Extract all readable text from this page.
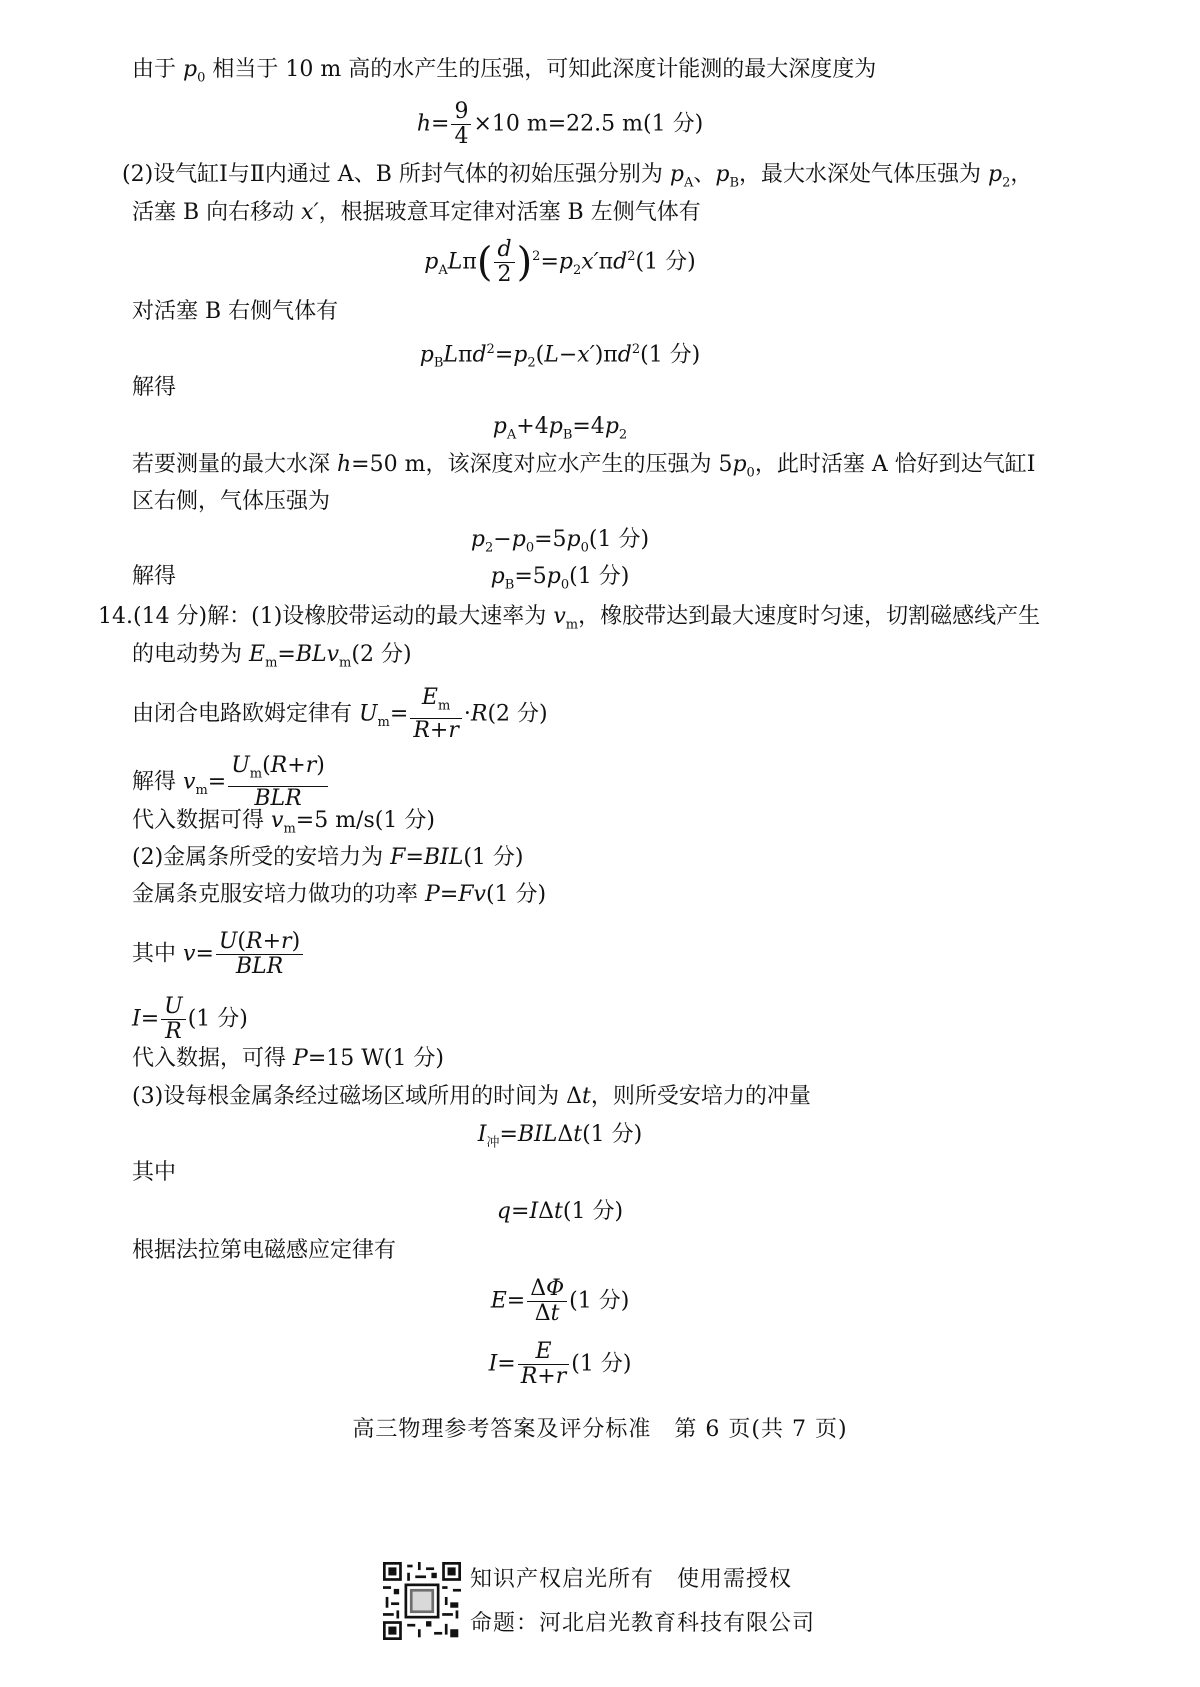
由于 $p_0$ 相当于 10 m 高的水产生的压强，可知此深度计能测的最大深度度为
$h= \frac{9}{4} \times 10$ m=22.5 m(1 分)
(2)设气缸Ⅰ与Ⅱ内通过 A、B 所封气体的初始压强分别为 $p_A$、$p_B$，最大水深处气体压强为 $p_2$，
活塞 B 向右移动 x′，根据玻意耳定律对活塞 B 左侧气体有
$p_AL\pi( \frac{d}{2} )^2=p_2x'\pi d^2(1$ 分)
对活塞 B 右侧气体有
$p_BL\pi d^2=p_2(L-x')\pi d^2(1$ 分)
解得
$p_A+4p_B=4p_2$
若要测量的最大水深 h=50 m，该深度对应水产生的压强为 $5p_0$，此时活塞 A 恰好到达气缸Ⅰ
区右侧，气体压强为
$p_2-p_0=5p_0(1$ 分)
解得	$p_B=5p_0(1$ 分)
14.(14 分)解：(1)设橡胶带运动的最大速率为 $v_m$，橡胶带达到最大速度时匀速，切割磁感线产生
的电动势为 $E_m=BLv_m(2$ 分)
由闭合电路欧姆定律有 $U_m= \frac{E_m}{R+r} \cdot R(2$ 分)
解得 $v_m= \frac{U_m(R+r)}{\text{BLR}}$
代入数据可得 $v_m=5$ m/s(1 分)
(2)金属条所受的安培力为 F=BIL(1 分)
金属条克服安培力做功的功率 P=Fv(1 分)
其中 $v= \frac{U(R+r)}{\text{BLR}}$
$I= \frac{U}{R} (1$ 分)
代入数据，可得 P=15 W(1 分)
(3)设每根金属条经过磁场区域所用的时间为 Δt，则所受安培力的冲量
$I_冲=BIL\Delta t(1$ 分)
其中
q=IΔt(1 分)
根据法拉第电磁感应定律有
$E= \frac{\Delta\Phi}{\Delta t} (1$ 分)
$I= \frac{E}{R+r} (1$ 分)
高三物理参考答案及评分标准　第 6 页(共 7 页)
知识产权启光所有　使用需授权
命题：河北启光教育科技有限公司
